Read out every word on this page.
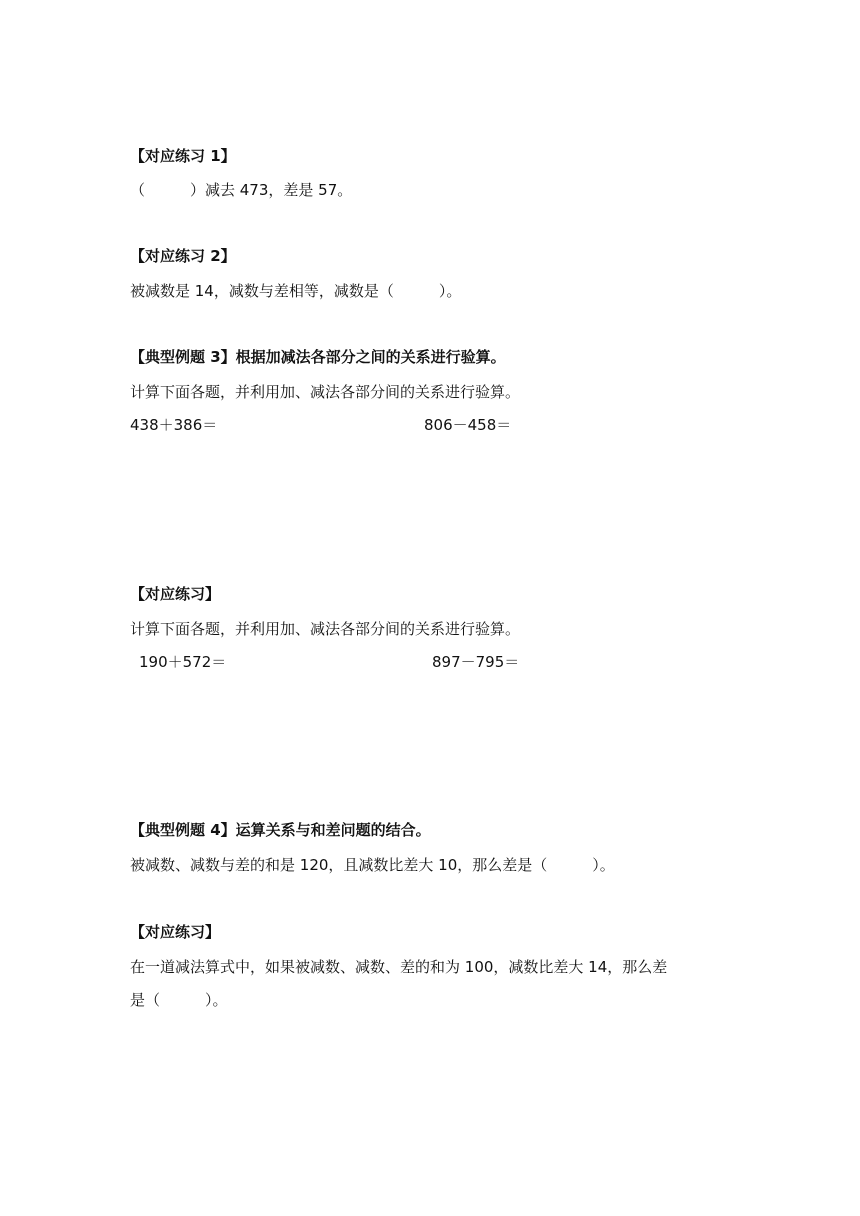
【对应练习 1】
（　　　）减去 473，差是 57。
【对应练习 2】
被减数是 14，减数与差相等，减数是（　　　）。
【典型例题 3】根据加减法各部分之间的关系进行验算。
计算下面各题，并利用加、减法各部分间的关系进行验算。
438＋386＝	806－458＝
【对应练习】
计算下面各题，并利用加、减法各部分间的关系进行验算。
190＋572＝	897－795＝
【典型例题 4】运算关系与和差问题的结合。
被减数、减数与差的和是 120，且减数比差大 10，那么差是（　　　）。
【对应练习】
在一道减法算式中，如果被减数、减数、差的和为 100，减数比差大 14，那么差
是（　　　）。
